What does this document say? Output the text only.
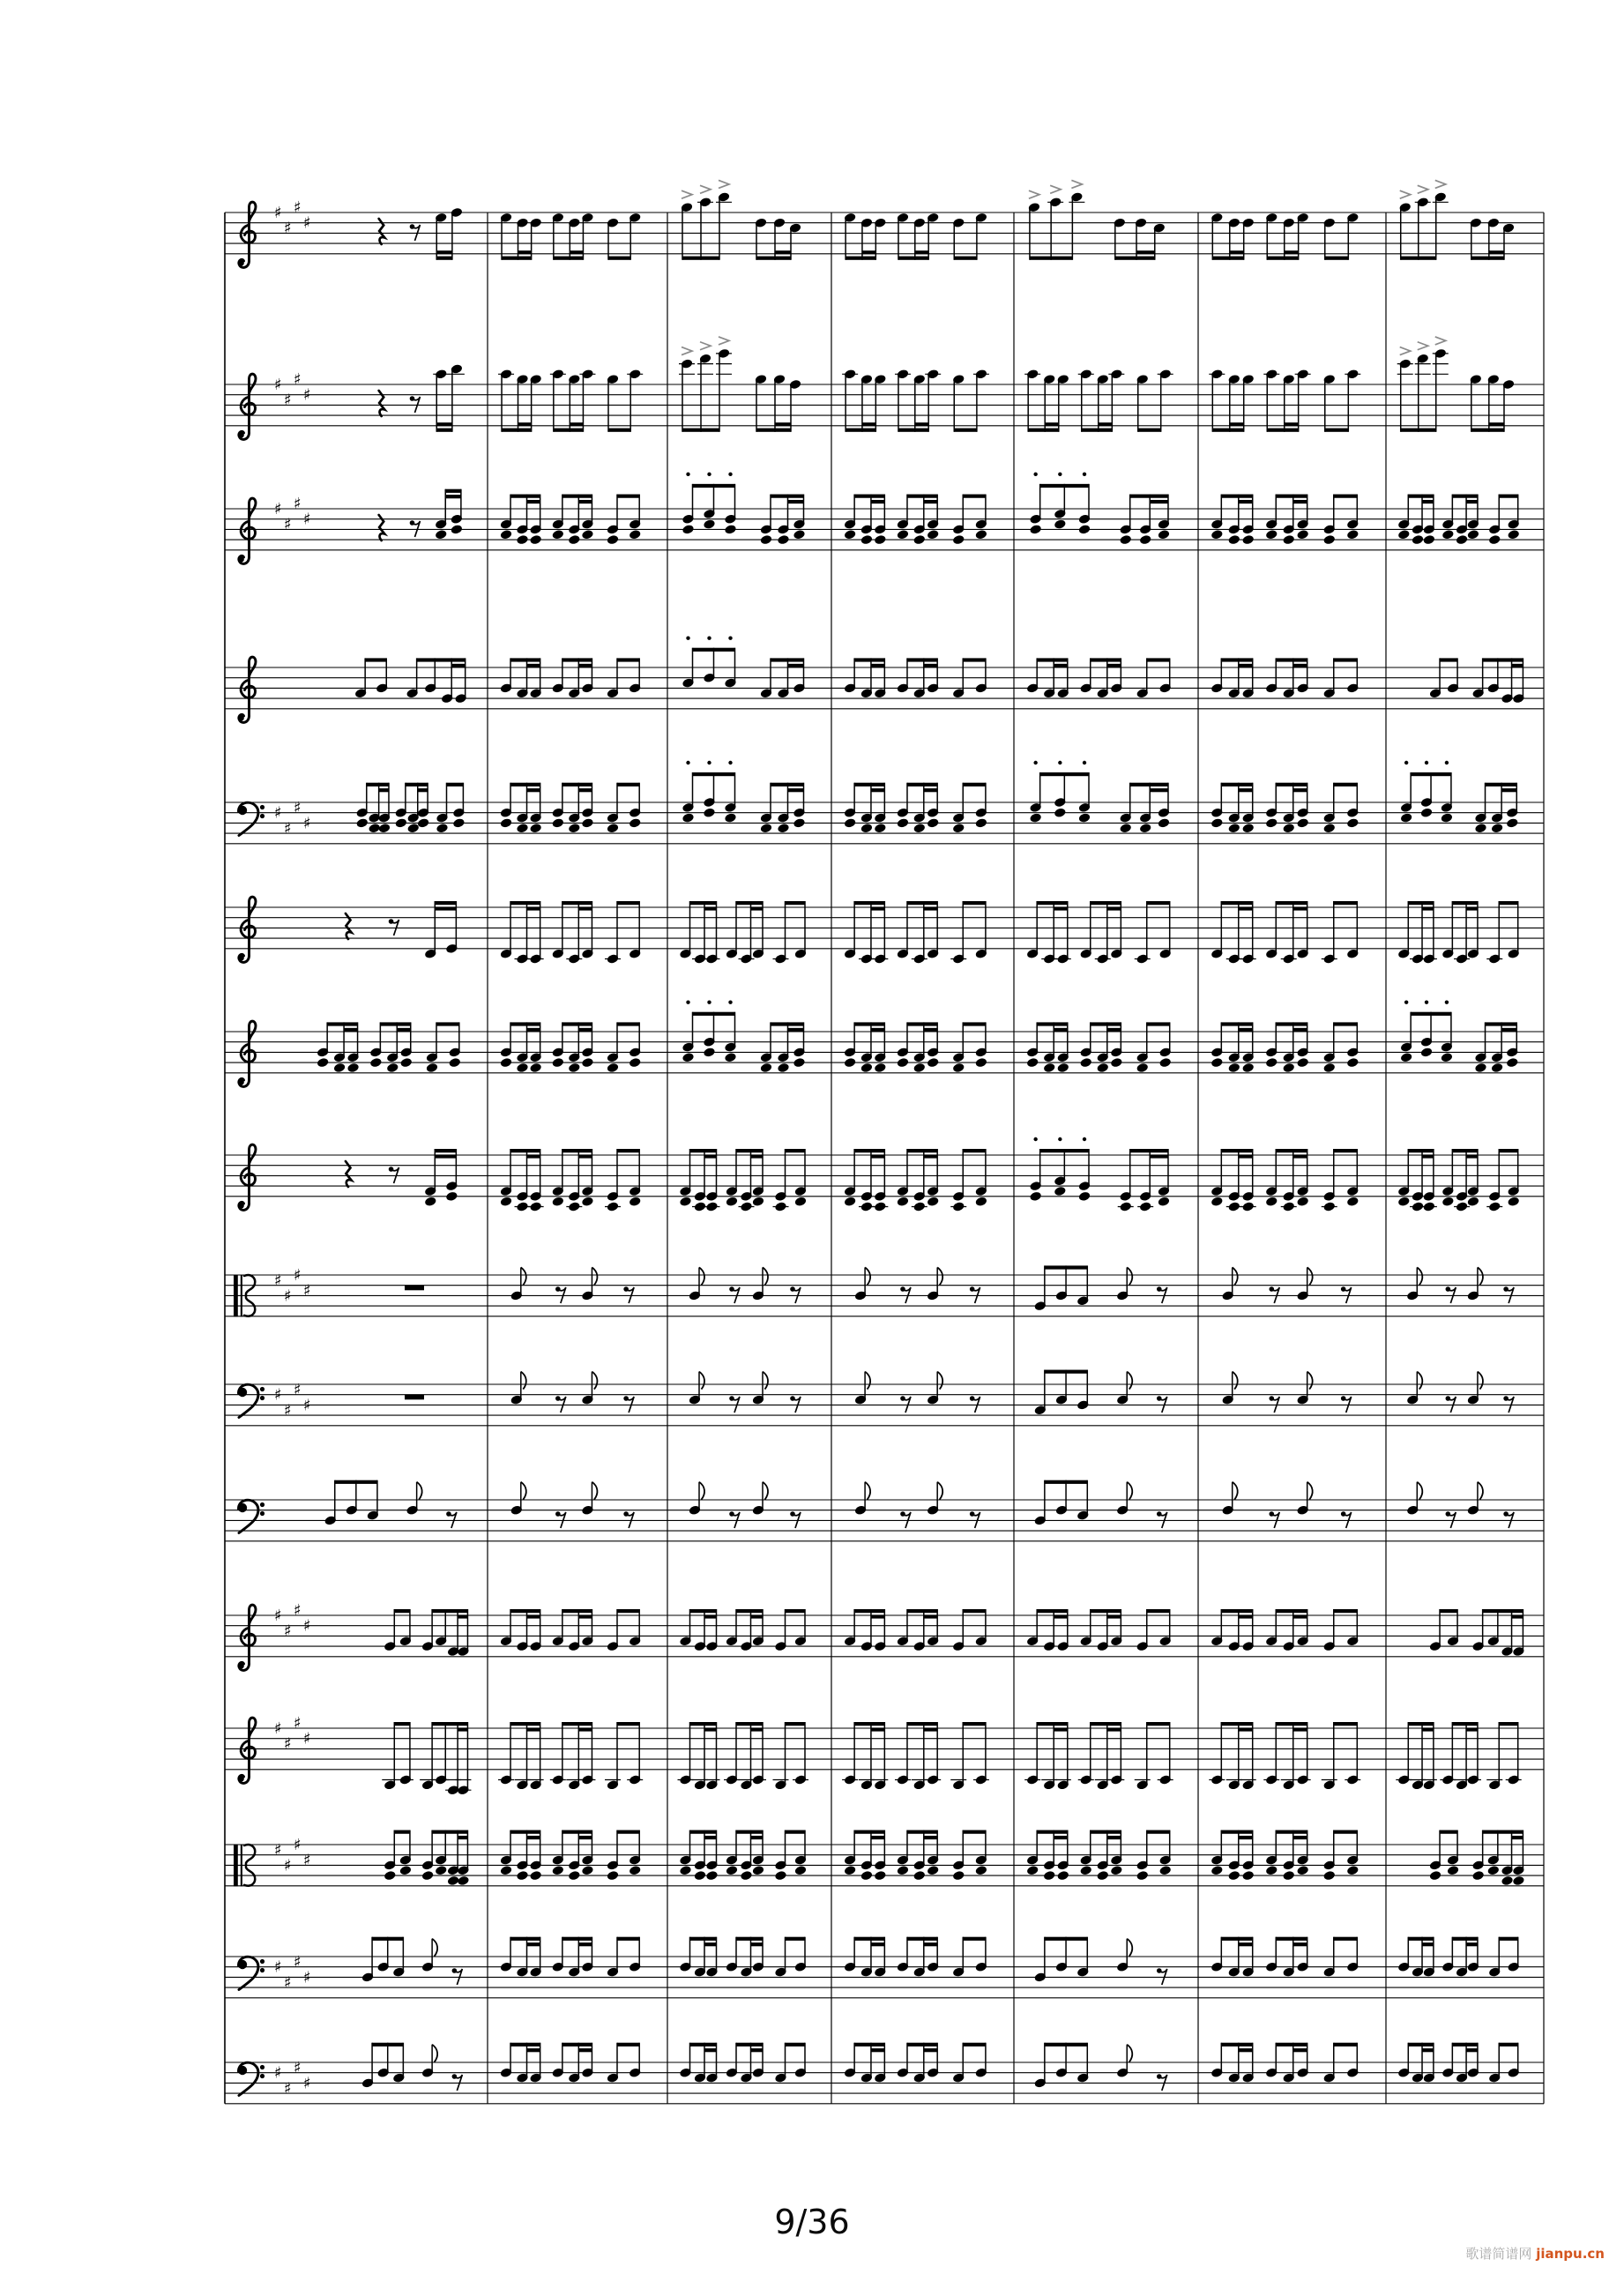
♯
♯
♯
♯
♯
♯
♯
♯
♯
♯
♯
♯
♯
♯
♯
♯
♯
♯
♯
♯
♯
♯
♯
♯
♯
♯
♯
♯
♯
♯
♯
♯
♯
♯
♯
♯
♯
♯
♯
♯
♯
♯
♯
♯
9/36
歌谱简谱网 jianpu.cn
